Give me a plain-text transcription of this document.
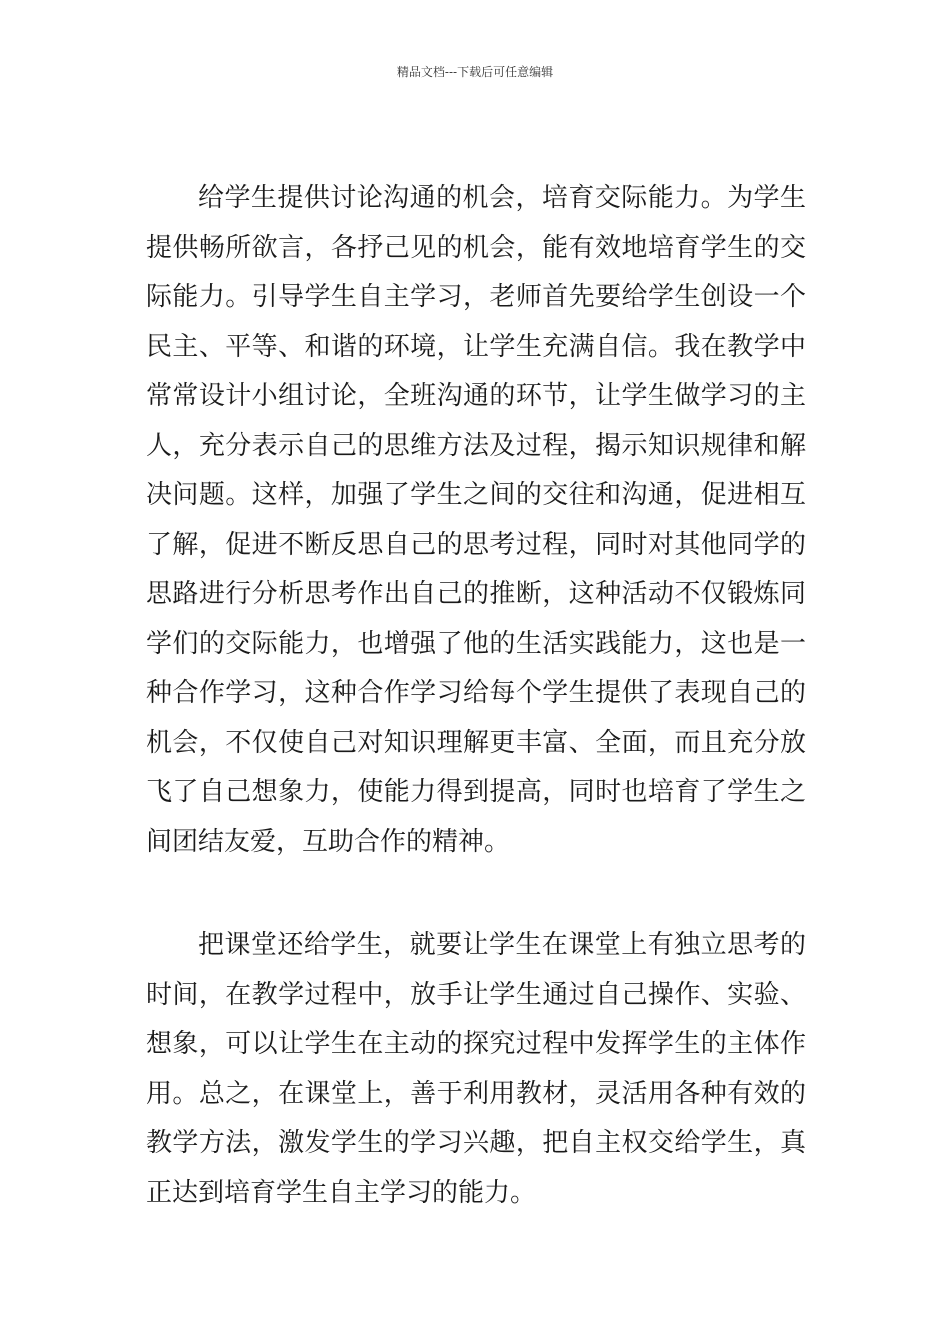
精品文档---下载后可任意编辑

给学生提供讨论沟通的机会，培育交际能力。为学生提供畅所欲言，各抒己见的机会，能有效地培育学生的交际能力。引导学生自主学习，老师首先要给学生创设一个民主、平等、和谐的环境，让学生充满自信。我在教学中常常设计小组讨论，全班沟通的环节，让学生做学习的主人，充分表示自己的思维方法及过程，揭示知识规律和解决问题。这样，加强了学生之间的交往和沟通，促进相互了解，促进不断反思自己的思考过程，同时对其他同学的思路进行分析思考作出自己的推断，这种活动不仅锻炼同学们的交际能力，也增强了他的生活实践能力，这也是一种合作学习，这种合作学习给每个学生提供了表现自己的机会，不仅使自己对知识理解更丰富、全面，而且充分放飞了自己想象力，使能力得到提高，同时也培育了学生之间团结友爱，互助合作的精神。

把课堂还给学生，就要让学生在课堂上有独立思考的时间，在教学过程中，放手让学生通过自己操作、实验、想象，可以让学生在主动的探究过程中发挥学生的主体作用。总之，在课堂上，善于利用教材，灵活用各种有效的教学方法，激发学生的学习兴趣，把自主权交给学生，真正达到培育学生自主学习的能力。
